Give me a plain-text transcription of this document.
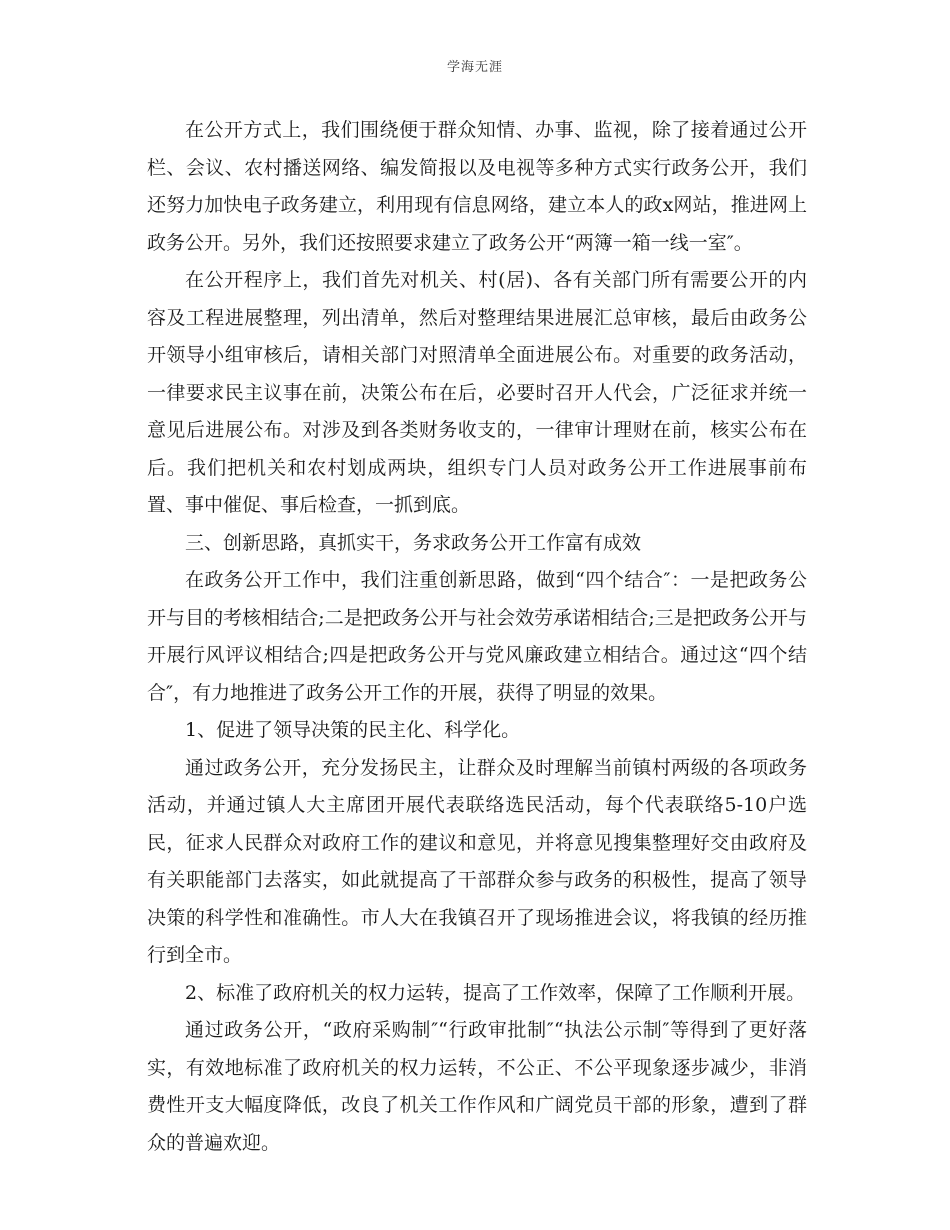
学海无涯

在公开方式上，我们围绕便于群众知情、办事、监视，除了接着通过公开栏、会议、农村播送网络、编发简报以及电视等多种方式实行政务公开，我们还努力加快电子政务建立，利用现有信息网络，建立本人的政x网站，推进网上政务公开。另外，我们还按照要求建立了政务公开“两簿一箱一线一室″。

在公开程序上，我们首先对机关、村(居)、各有关部门所有需要公开的内容及工程进展整理，列出清单，然后对整理结果进展汇总审核，最后由政务公开领导小组审核后，请相关部门对照清单全面进展公布。对重要的政务活动，一律要求民主议事在前，决策公布在后，必要时召开人代会，广泛征求并统一意见后进展公布。对涉及到各类财务收支的，一律审计理财在前，核实公布在后。我们把机关和农村划成两块，组织专门人员对政务公开工作进展事前布置、事中催促、事后检查，一抓到底。

三、创新思路，真抓实干，务求政务公开工作富有成效

在政务公开工作中，我们注重创新思路，做到“四个结合″：一是把政务公开与目的考核相结合;二是把政务公开与社会效劳承诺相结合;三是把政务公开与开展行风评议相结合;四是把政务公开与党风廉政建立相结合。通过这“四个结合″，有力地推进了政务公开工作的开展，获得了明显的效果。

1、促进了领导决策的民主化、科学化。

通过政务公开，充分发扬民主，让群众及时理解当前镇村两级的各项政务活动，并通过镇人大主席团开展代表联络选民活动，每个代表联络5-10户选民，征求人民群众对政府工作的建议和意见，并将意见搜集整理好交由政府及有关职能部门去落实，如此就提高了干部群众参与政务的积极性，提高了领导决策的科学性和准确性。市人大在我镇召开了现场推进会议，将我镇的经历推行到全市。

2、标准了政府机关的权力运转，提高了工作效率，保障了工作顺利开展。

通过政务公开，“政府采购制″“行政审批制″“执法公示制″等得到了更好落实，有效地标准了政府机关的权力运转，不公正、不公平现象逐步减少，非消费性开支大幅度降低，改良了机关工作作风和广阔党员干部的形象，遭到了群众的普遍欢迎。
